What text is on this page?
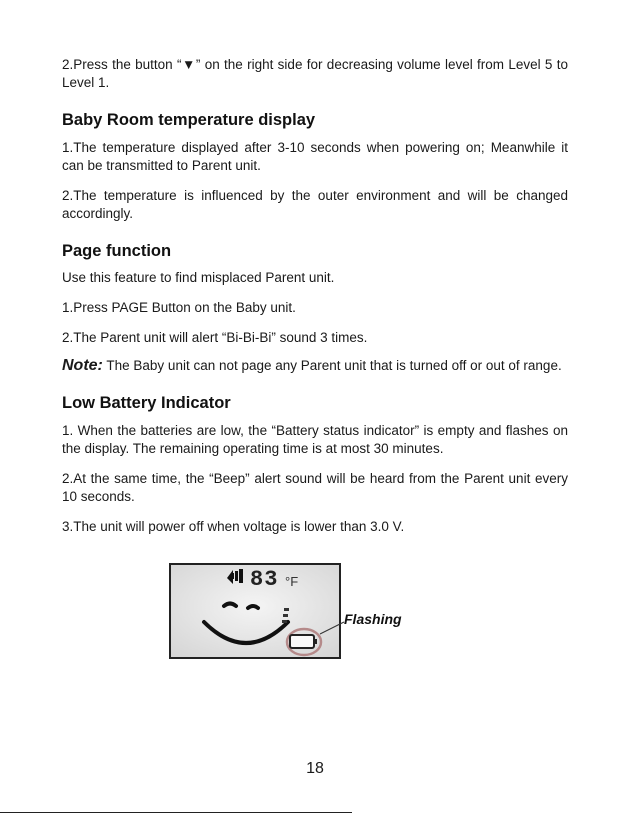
2.Press the button “▼” on the right side for decreasing volume level from Level 5 to Level 1.

Baby Room temperature display

1.The temperature displayed after 3-10 seconds when powering on; Meanwhile it can be transmitted to Parent unit.

2.The temperature is influenced by the outer environment and will be changed accordingly.

Page function

Use this feature to find misplaced Parent unit.

1.Press PAGE Button on the Baby unit.

2.The Parent unit will alert “Bi-Bi-Bi” sound 3 times.

Note: The Baby unit can not page any Parent unit that is turned off or out of range.

Low Battery Indicator

1. When the batteries are low, the “Battery status indicator” is empty and flashes on the display. The remaining operating time is at most 30 minutes.

2.At the same time, the “Beep” alert sound will be heard from the Parent unit every 10 seconds.

3.The unit will power off when voltage is lower than 3.0 V.

83 °F
Flashing
18
